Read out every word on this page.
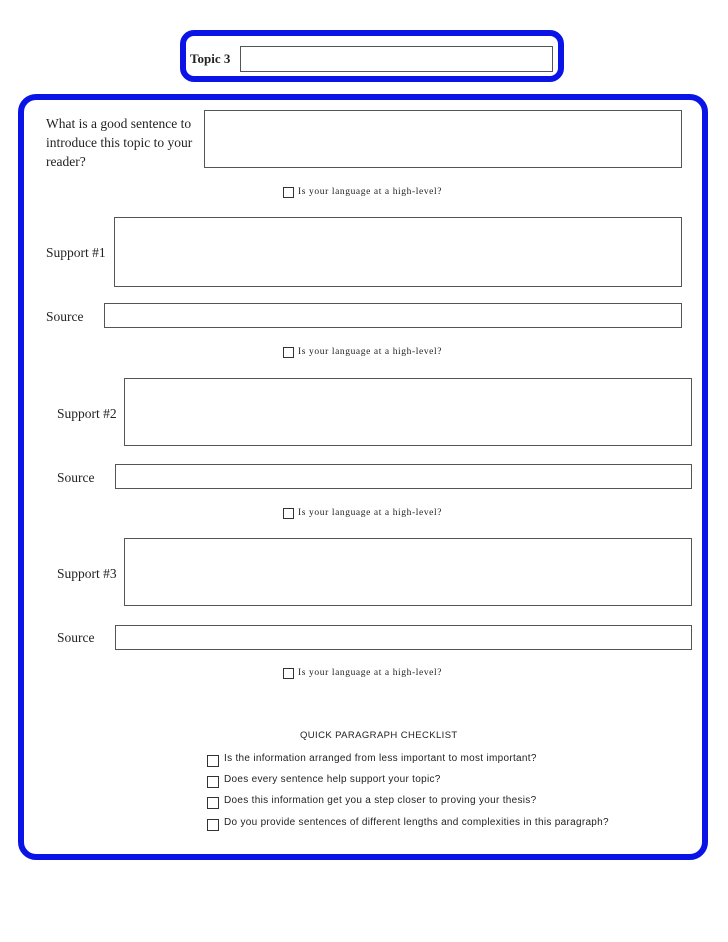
Topic 3
What is a good sentence to introduce this topic to your reader?
Is your language at a high-level?
Support #1
Source
Is your language at a high-level?
Support #2
Source
Is your language at a high-level?
Support #3
Source
Is your language at a high-level?
QUICK PARAGRAPH CHECKLIST
Is the information arranged from less important to most important?
Does every sentence help support your topic?
Does this information get you a step closer to proving your thesis?
Do you provide sentences of different lengths and complexities in this paragraph?
